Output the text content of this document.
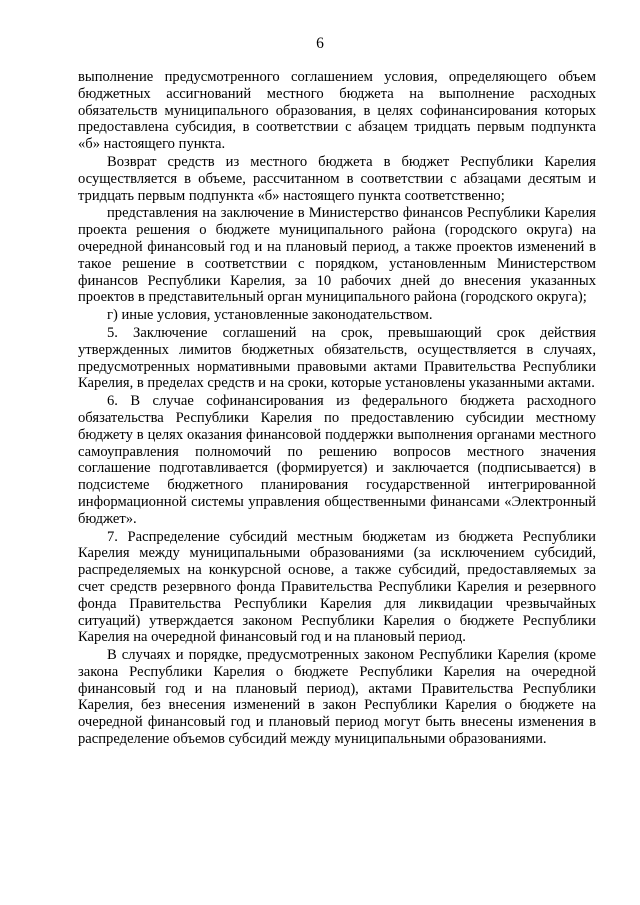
6

выполнение предусмотренного соглашением условия, определяющего объем бюджетных ассигнований местного бюджета на выполнение расходных обязательств муниципального образования, в целях софинансирования которых предоставлена субсидия, в соответствии с абзацем тридцать первым подпункта «б» настоящего пункта.

Возврат средств из местного бюджета в бюджет Республики Карелия осуществляется в объеме, рассчитанном в соответствии с абзацами десятым и тридцать первым подпункта «б» настоящего пункта соответственно;

представления на заключение в Министерство финансов Республики Карелия проекта решения о бюджете муниципального района (городского округа) на очередной финансовый год и на плановый период, а также проектов изменений в такое решение в соответствии с порядком, установленным Министерством финансов Республики Карелия, за 10 рабочих дней до внесения указанных проектов в представительный орган муниципального района (городского округа);

г) иные условия, установленные законодательством.

5. Заключение соглашений на срок, превышающий срок действия утвержденных лимитов бюджетных обязательств, осуществляется в случаях, предусмотренных нормативными правовыми актами Правительства Республики Карелия, в пределах средств и на сроки, которые установлены указанными актами.

6. В случае софинансирования из федерального бюджета расходного обязательства Республики Карелия по предоставлению субсидии местному бюджету в целях оказания финансовой поддержки выполнения органами местного самоуправления полномочий по решению вопросов местного значения соглашение подготавливается (формируется) и заключается (подписывается) в подсистеме бюджетного планирования государственной интегрированной информационной системы управления общественными финансами «Электронный бюджет».

7. Распределение субсидий местным бюджетам из бюджета Республики Карелия между муниципальными образованиями (за исключением субсидий, распределяемых на конкурсной основе, а также субсидий, предоставляемых за счет средств резервного фонда Правительства Республики Карелия и резервного фонда Правительства Республики Карелия для ликвидации чрезвычайных ситуаций) утверждается законом Республики Карелия о бюджете Республики Карелия на очередной финансовый год и на плановый период.

В случаях и порядке, предусмотренных законом Республики Карелия (кроме закона Республики Карелия о бюджете Республики Карелия на очередной финансовый год и на плановый период), актами Правительства Республики Карелия, без внесения изменений в закон Республики Карелия о бюджете на очередной финансовый год и плановый период могут быть внесены изменения в распределение объемов субсидий между муниципальными образованиями.
